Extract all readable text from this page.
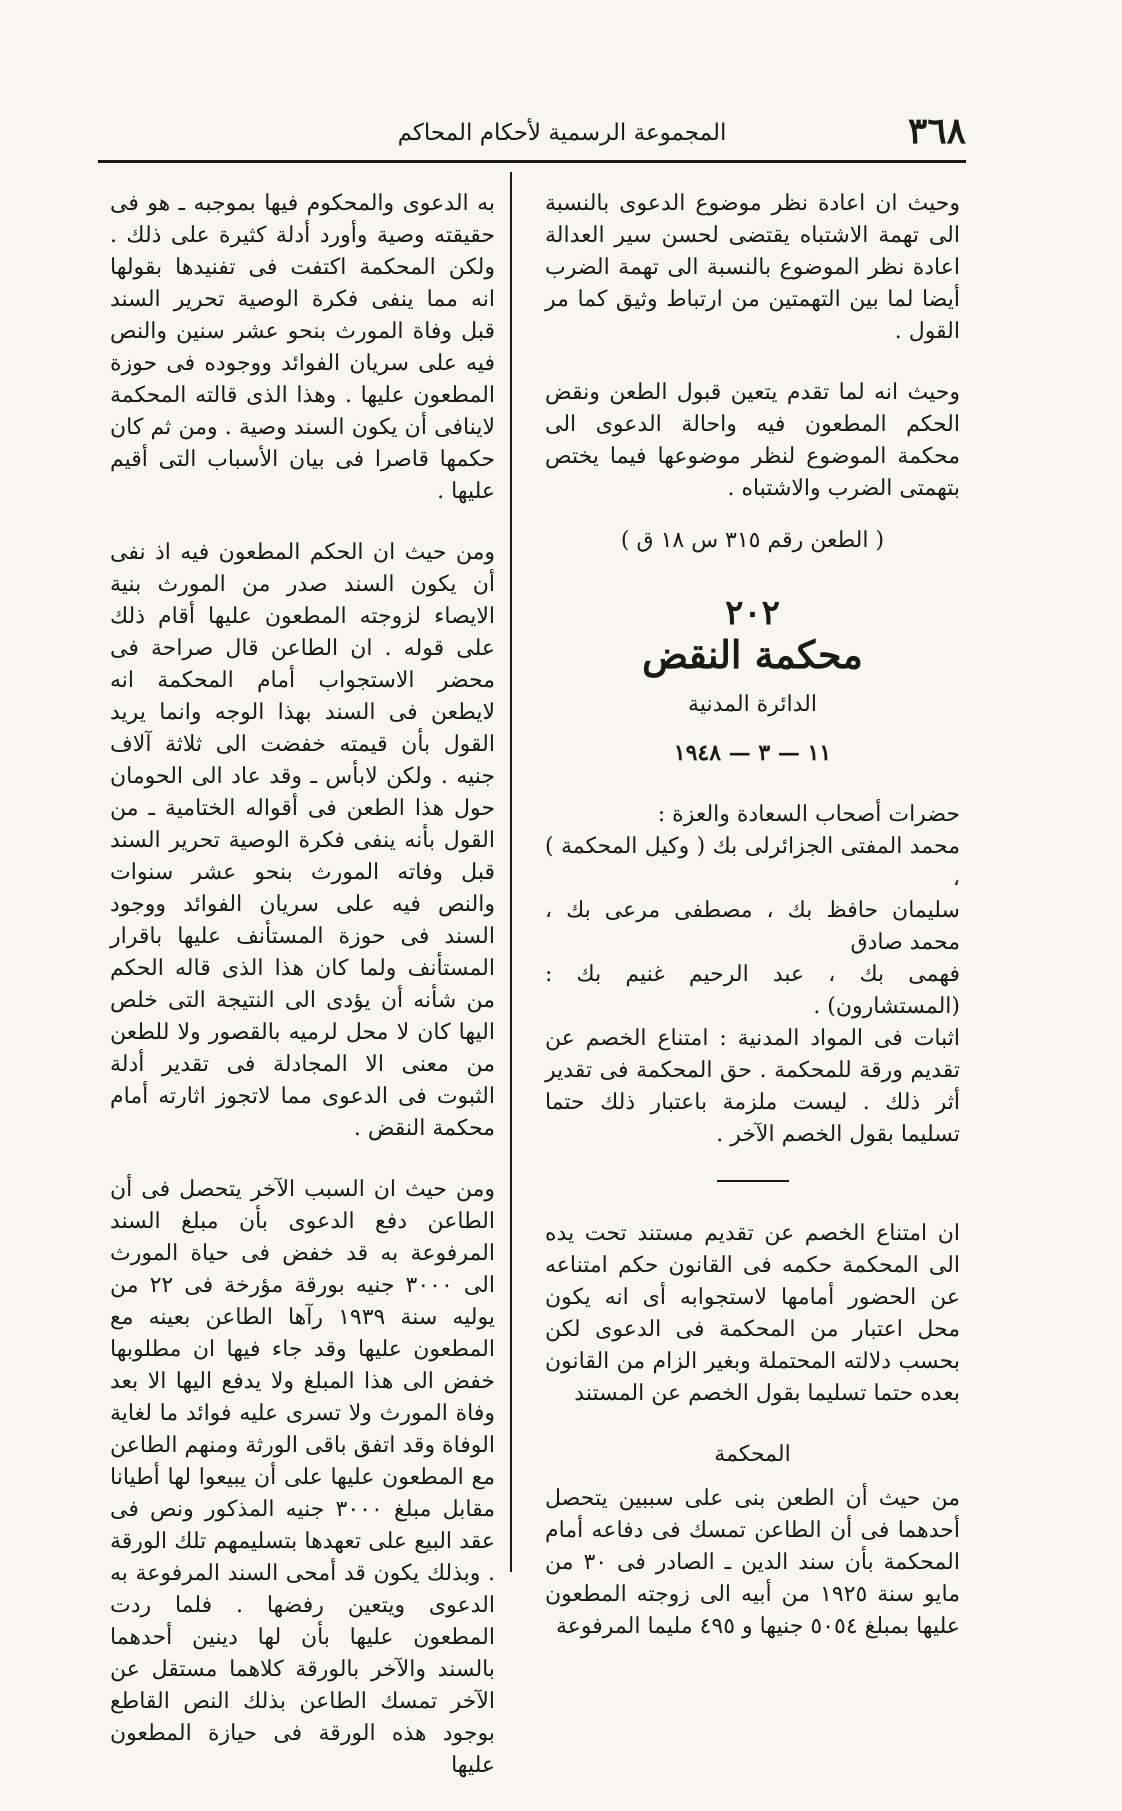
٣٦٨
المجموعة الرسمية لأحكام المحاكم

وحيث ان اعادة نظر موضوع الدعوى بالنسبة الى تهمة الاشتباه يقتضى لحسن سير العدالة اعادة نظر الموضوع بالنسبة الى تهمة الضرب أيضا لما بين التهمتين من ارتباط وثيق كما مر القول .

وحيث انه لما تقدم يتعين قبول الطعن ونقض الحكم المطعون فيه واحالة الدعوى الى محكمة الموضوع لنظر موضوعها فيما يختص بتهمتى الضرب والاشتباه .

( الطعن رقم ٣١٥ س ١٨ ق )
٢٠٢
محكمة النقض
الدائرة المدنية
١١ — ٣ — ١٩٤٨

حضرات أصحاب السعادة والعزة :

محمد المفتى الجزائرلى بك ( وكيل المحكمة ) ،

سليمان حافظ بك ، مصطفى مرعى بك ، محمد صادق

فهمى بك ، عبد الرحيم غنيم بك : (المستشارون) .

اثبات فى المواد المدنية : امتناع الخصم عن تقديم ورقة للمحكمة . حق المحكمة فى تقدير أثر ذلك . ليست ملزمة باعتبار ذلك حتما تسليما بقول الخصم الآخر .

ان امتناع الخصم عن تقديم مستند تحت يده الى المحكمة حكمه فى القانون حكم امتناعه عن الحضور أمامها لاستجوابه أى انه يكون محل اعتبار من المحكمة فى الدعوى لكن بحسب دلالته المحتملة وبغير الزام من القانون بعده حتما تسليما بقول الخصم عن المستند

المحكمة

من حيث أن الطعن بنى على سببين يتحصل أحدهما فى أن الطاعن تمسك فى دفاعه أمام المحكمة بأن سند الدين ـ الصادر فى ٣٠ من مايو سنة ١٩٢٥ من أبيه الى زوجته المطعون عليها بمبلغ ٥٠٥٤ جنيها و ٤٩٥ مليما المرفوعة

به الدعوى والمحكوم فيها بموجبه ـ هو فى حقيقته وصية وأورد أدلة كثيرة على ذلك . ولكن المحكمة اكتفت فى تفنيدها بقولها انه مما ينفى فكرة الوصية تحرير السند قبل وفاة المورث بنحو عشر سنين والنص فيه على سريان الفوائد ووجوده فى حوزة المطعون عليها . وهذا الذى قالته المحكمة لاينافى أن يكون السند وصية . ومن ثم كان حكمها قاصرا فى بيان الأسباب التى أقيم عليها .

ومن حيث ان الحكم المطعون فيه اذ نفى أن يكون السند صدر من المورث بنية الايصاء لزوجته المطعون عليها أقام ذلك على قوله . ان الطاعن قال صراحة فى محضر الاستجواب أمام المحكمة انه لايطعن فى السند بهذا الوجه وانما يريد القول بأن قيمته خفضت الى ثلاثة آلاف جنيه . ولكن لابأس ـ وقد عاد الى الحومان حول هذا الطعن فى أقواله الختامية ـ من القول بأنه ينفى فكرة الوصية تحرير السند قبل وفاته المورث بنحو عشر سنوات والنص فيه على سريان الفوائد ووجود السند فى حوزة المستأنف عليها باقرار المستأنف ولما كان هذا الذى قاله الحكم من شأنه أن يؤدى الى النتيجة التى خلص اليها كان لا محل لرميه بالقصور ولا للطعن من معنى الا المجادلة فى تقدير أدلة الثبوت فى الدعوى مما لاتجوز اثارته أمام محكمة النقض .

ومن حيث ان السبب الآخر يتحصل فى أن الطاعن دفع الدعوى بأن مبلغ السند المرفوعة به قد خفض فى حياة المورث الى ٣٠٠٠ جنيه بورقة مؤرخة فى ٢٢ من يوليه سنة ١٩٣٩ رآها الطاعن بعينه مع المطعون عليها وقد جاء فيها ان مطلوبها خفض الى هذا المبلغ ولا يدفع اليها الا بعد وفاة المورث ولا تسرى عليه فوائد ما لغاية الوفاة وقد اتفق باقى الورثة ومنهم الطاعن مع المطعون عليها على أن يبيعوا لها أطيانا مقابل مبلغ ٣٠٠٠ جنيه المذكور ونص فى عقد البيع على تعهدها بتسليمهم تلك الورقة . وبذلك يكون قد أمحى السند المرفوعة به الدعوى ويتعين رفضها . فلما ردت المطعون عليها بأن لها دينين أحدهما بالسند والآخر بالورقة كلاهما مستقل عن الآخر تمسك الطاعن بذلك النص القاطع بوجود هذه الورقة فى حيازة المطعون عليها
